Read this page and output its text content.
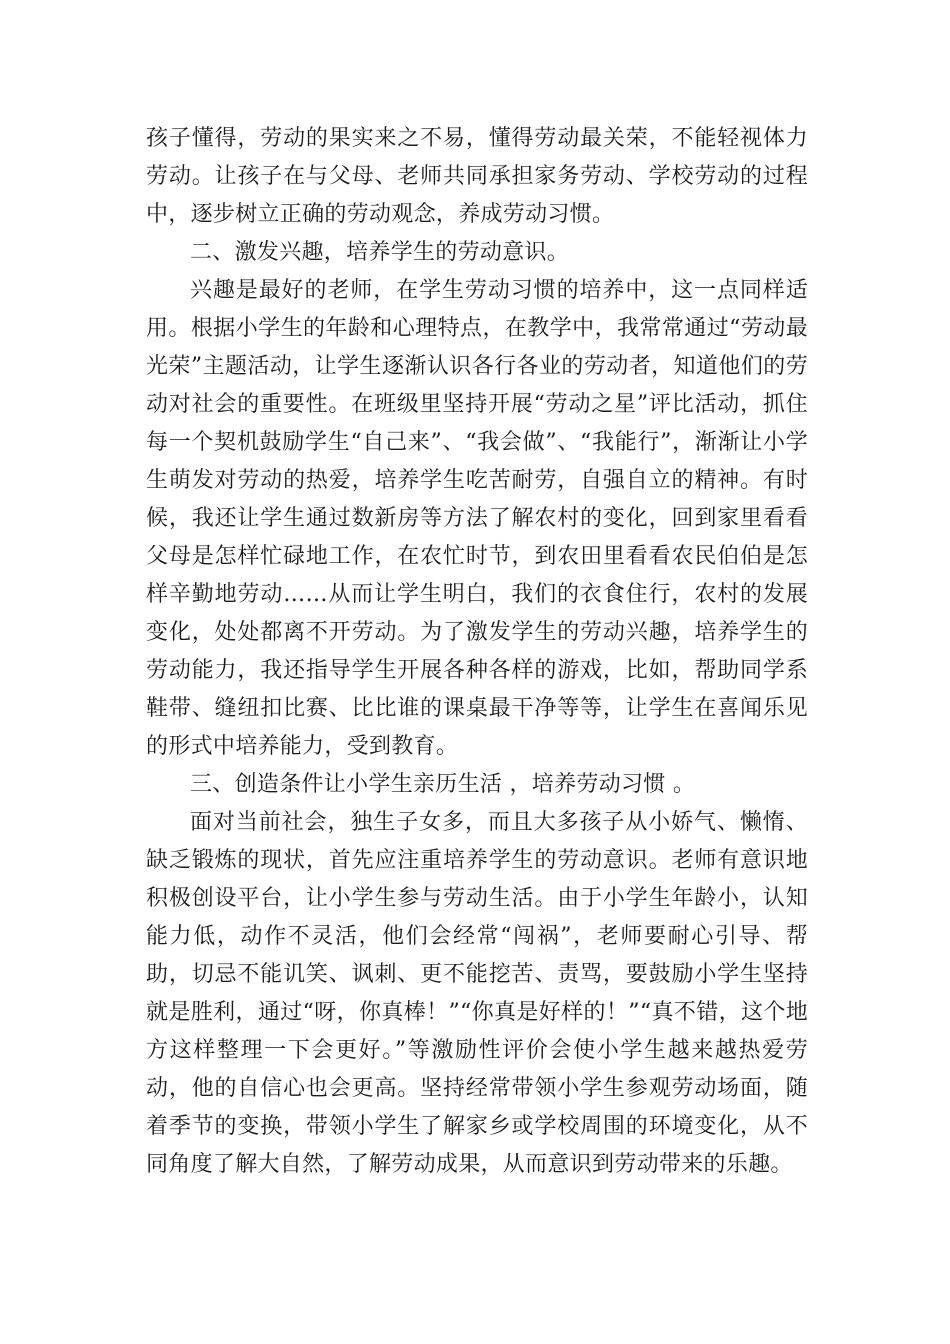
孩子懂得，劳动的果实来之不易，懂得劳动最关荣，不能轻视体力劳动。让孩子在与父母、老师共同承担家务劳动、学校劳动的过程中，逐步树立正确的劳动观念，养成劳动习惯。

二、激发兴趣，培养学生的劳动意识。

兴趣是最好的老师，在学生劳动习惯的培养中，这一点同样适用。根据小学生的年龄和心理特点，在教学中，我常常通过“劳动最光荣”主题活动，让学生逐渐认识各行各业的劳动者，知道他们的劳动对社会的重要性。在班级里坚持开展“劳动之星”评比活动，抓住每一个契机鼓励学生“自己来”、“我会做”、“我能行”，渐渐让小学生萌发对劳动的热爱，培养学生吃苦耐劳，自强自立的精神。有时候，我还让学生通过数新房等方法了解农村的变化，回到家里看看父母是怎样忙碌地工作，在农忙时节，到农田里看看农民伯伯是怎样辛勤地劳动……从而让学生明白，我们的衣食住行，农村的发展变化，处处都离不开劳动。为了激发学生的劳动兴趣，培养学生的劳动能力，我还指导学生开展各种各样的游戏，比如，帮助同学系鞋带、缝纽扣比赛、比比谁的课桌最干净等等，让学生在喜闻乐见的形式中培养能力，受到教育。

三、创造条件让小学生亲历生活 ，培养劳动习惯 。

面对当前社会，独生子女多，而且大多孩子从小娇气、懒惰、缺乏锻炼的现状，首先应注重培养学生的劳动意识。老师有意识地积极创设平台，让小学生参与劳动生活。由于小学生年龄小，认知能力低，动作不灵活，他们会经常“闯祸”，老师要耐心引导、帮助，切忌不能讥笑、讽刺、更不能挖苦、责骂，要鼓励小学生坚持就是胜利，通过“呀，你真棒！”“你真是好样的！”“真不错，这个地方这样整理一下会更好。”等激励性评价会使小学生越来越热爱劳动，他的自信心也会更高。坚持经常带领小学生参观劳动场面，随着季节的变换，带领小学生了解家乡或学校周围的环境变化，从不同角度了解大自然，了解劳动成果，从而意识到劳动带来的乐趣。
